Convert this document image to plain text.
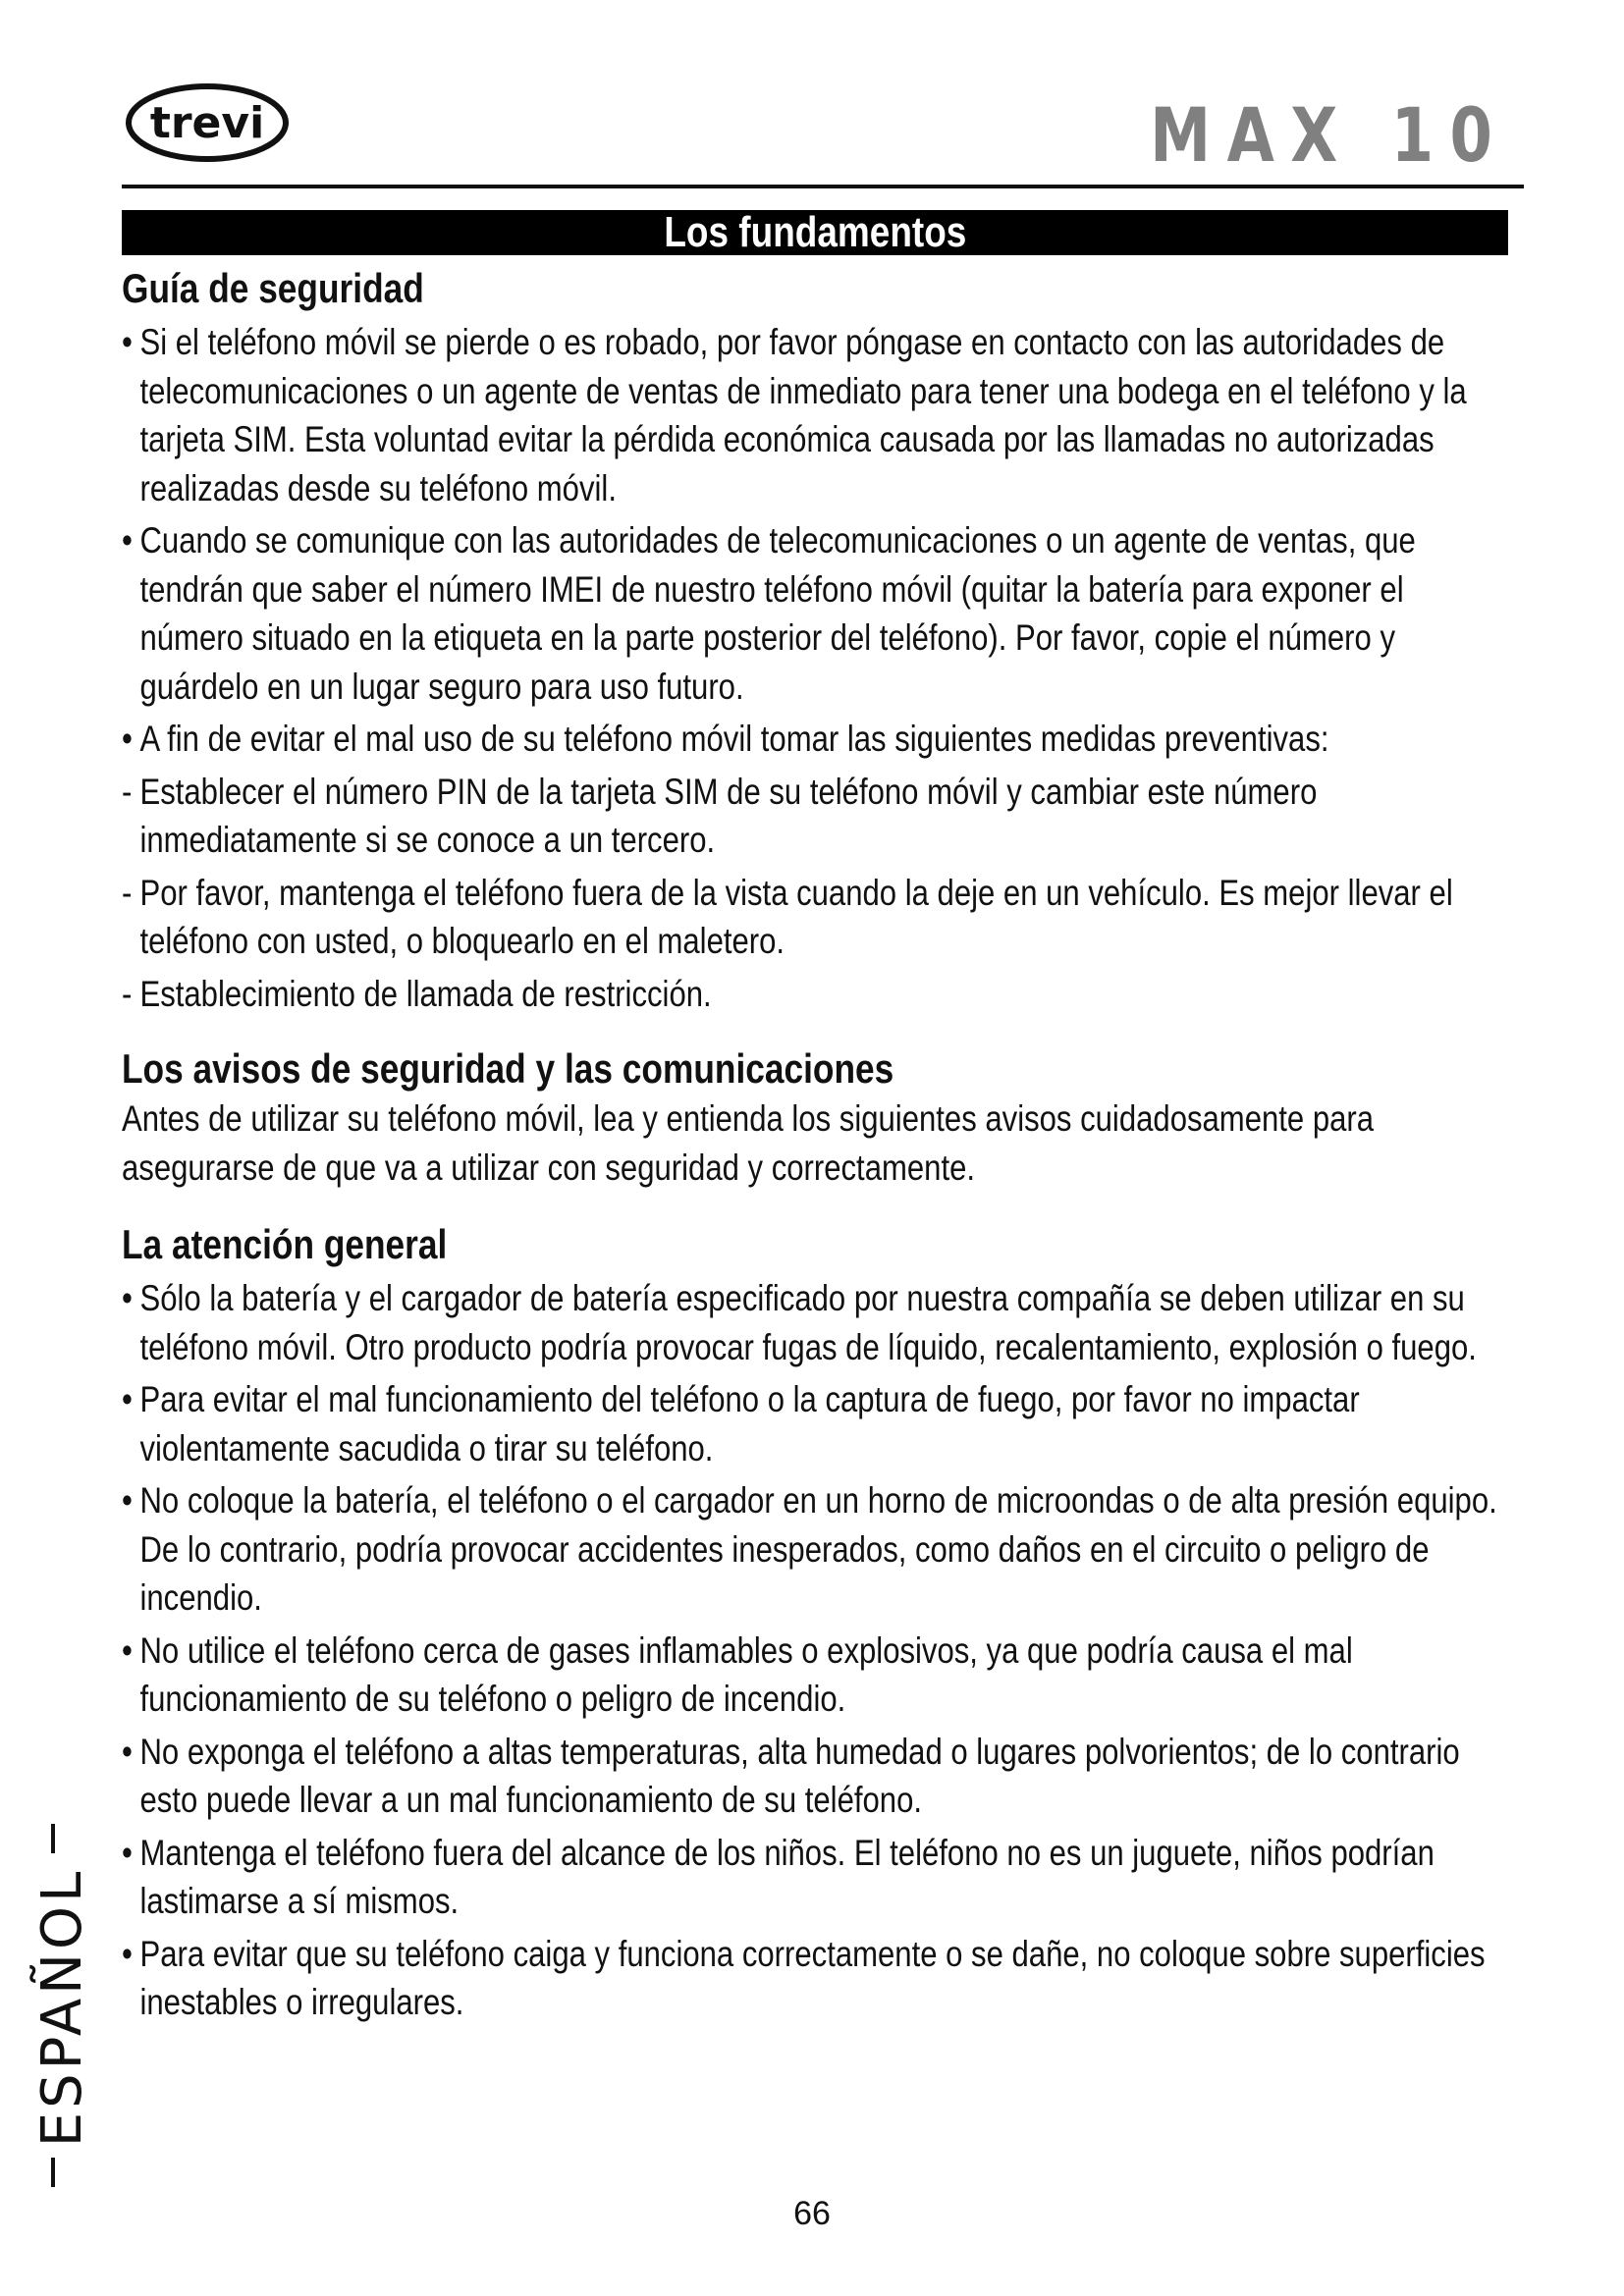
trevi	MAX 10
Los fundamentos
Guía de seguridad
• Si el teléfono móvil se pierde o es robado, por favor póngase en contacto con las autoridades de telecomunicaciones o un agente de ventas de inmediato para tener una bodega en el teléfono y la tarjeta SIM. Esta voluntad evitar la pérdida económica causada por las llamadas no autorizadas realizadas desde su teléfono móvil.
• Cuando se comunique con las autoridades de telecomunicaciones o un agente de ventas, que tendrán que saber el número IMEI de nuestro teléfono móvil (quitar la batería para exponer el número situado en la etiqueta en la parte posterior del teléfono). Por favor, copie el número y guárdelo en un lugar seguro para uso futuro.
• A fin de evitar el mal uso de su teléfono móvil tomar las siguientes medidas preventivas:
- Establecer el número PIN de la tarjeta SIM de su teléfono móvil y cambiar este número inmediatamente si se conoce a un tercero.
- Por favor, mantenga el teléfono fuera de la vista cuando la deje en un vehículo. Es mejor llevar el teléfono con usted, o bloquearlo en el maletero.
- Establecimiento de llamada de restricción.
Los avisos de seguridad y las comunicaciones
Antes de utilizar su teléfono móvil, lea y entienda los siguientes avisos cuidadosamente para asegurarse de que va a utilizar con seguridad y correctamente.
La atención general
• Sólo la batería y el cargador de batería especificado por nuestra compañía se deben utilizar en su teléfono móvil. Otro producto podría provocar fugas de líquido, recalentamiento, explosión o fuego.
• Para evitar el mal funcionamiento del teléfono o la captura de fuego, por favor no impactar violentamente sacudida o tirar su teléfono.
• No coloque la batería, el teléfono o el cargador en un horno de microondas o de alta presión equipo. De lo contrario, podría provocar accidentes inesperados, como daños en el circuito o peligro de incendio.
• No utilice el teléfono cerca de gases inflamables o explosivos, ya que podría causa el mal funcionamiento de su teléfono o peligro de incendio.
• No exponga el teléfono a altas temperaturas, alta humedad o lugares polvorientos; de lo contrario esto puede llevar a un mal funcionamiento de su teléfono.
• Mantenga el teléfono fuera del alcance de los niños. El teléfono no es un juguete, niños podrían lastimarse a sí mismos.
• Para evitar que su teléfono caiga y funciona correctamente o se dañe, no coloque sobre superficies inestables o irregulares.
ESPAÑOL
66
